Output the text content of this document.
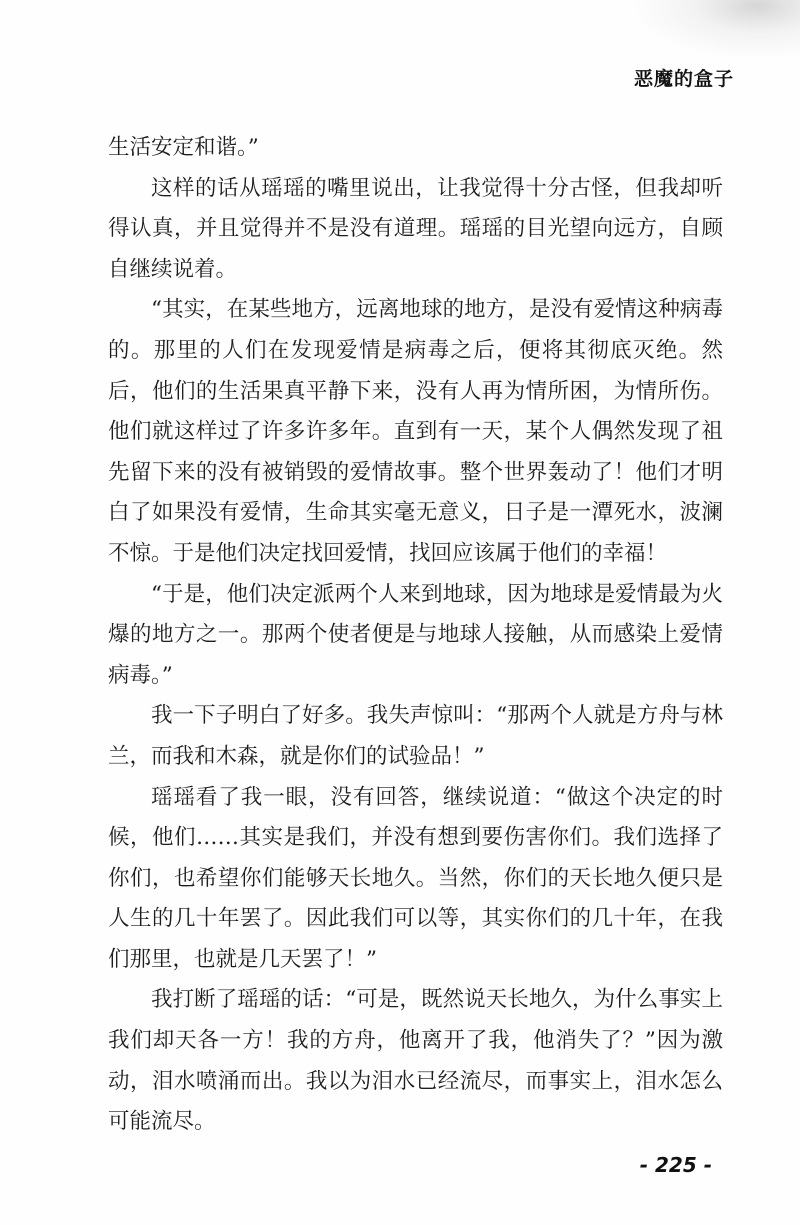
恶魔的盒子

生活安定和谐。”

这样的话从瑶瑶的嘴里说出，让我觉得十分古怪，但我却听得认真，并且觉得并不是没有道理。瑶瑶的目光望向远方，自顾自继续说着。

“其实，在某些地方，远离地球的地方，是没有爱情这种病毒的。那里的人们在发现爱情是病毒之后，便将其彻底灭绝。然后，他们的生活果真平静下来，没有人再为情所困，为情所伤。他们就这样过了许多许多年。直到有一天，某个人偶然发现了祖先留下来的没有被销毁的爱情故事。整个世界轰动了！他们才明白了如果没有爱情，生命其实毫无意义，日子是一潭死水，波澜不惊。于是他们决定找回爱情，找回应该属于他们的幸福！

“于是，他们决定派两个人来到地球，因为地球是爱情最为火爆的地方之一。那两个使者便是与地球人接触，从而感染上爱情病毒。”

我一下子明白了好多。我失声惊叫：“那两个人就是方舟与林兰，而我和木森，就是你们的试验品！”

瑶瑶看了我一眼，没有回答，继续说道：“做这个决定的时候，他们……其实是我们，并没有想到要伤害你们。我们选择了你们，也希望你们能够天长地久。当然，你们的天长地久便只是人生的几十年罢了。因此我们可以等，其实你们的几十年，在我们那里，也就是几天罢了！”

我打断了瑶瑶的话：“可是，既然说天长地久，为什么事实上我们却天各一方！我的方舟，他离开了我，他消失了？”因为激动，泪水喷涌而出。我以为泪水已经流尽，而事实上，泪水怎么可能流尽。

- 225 -
